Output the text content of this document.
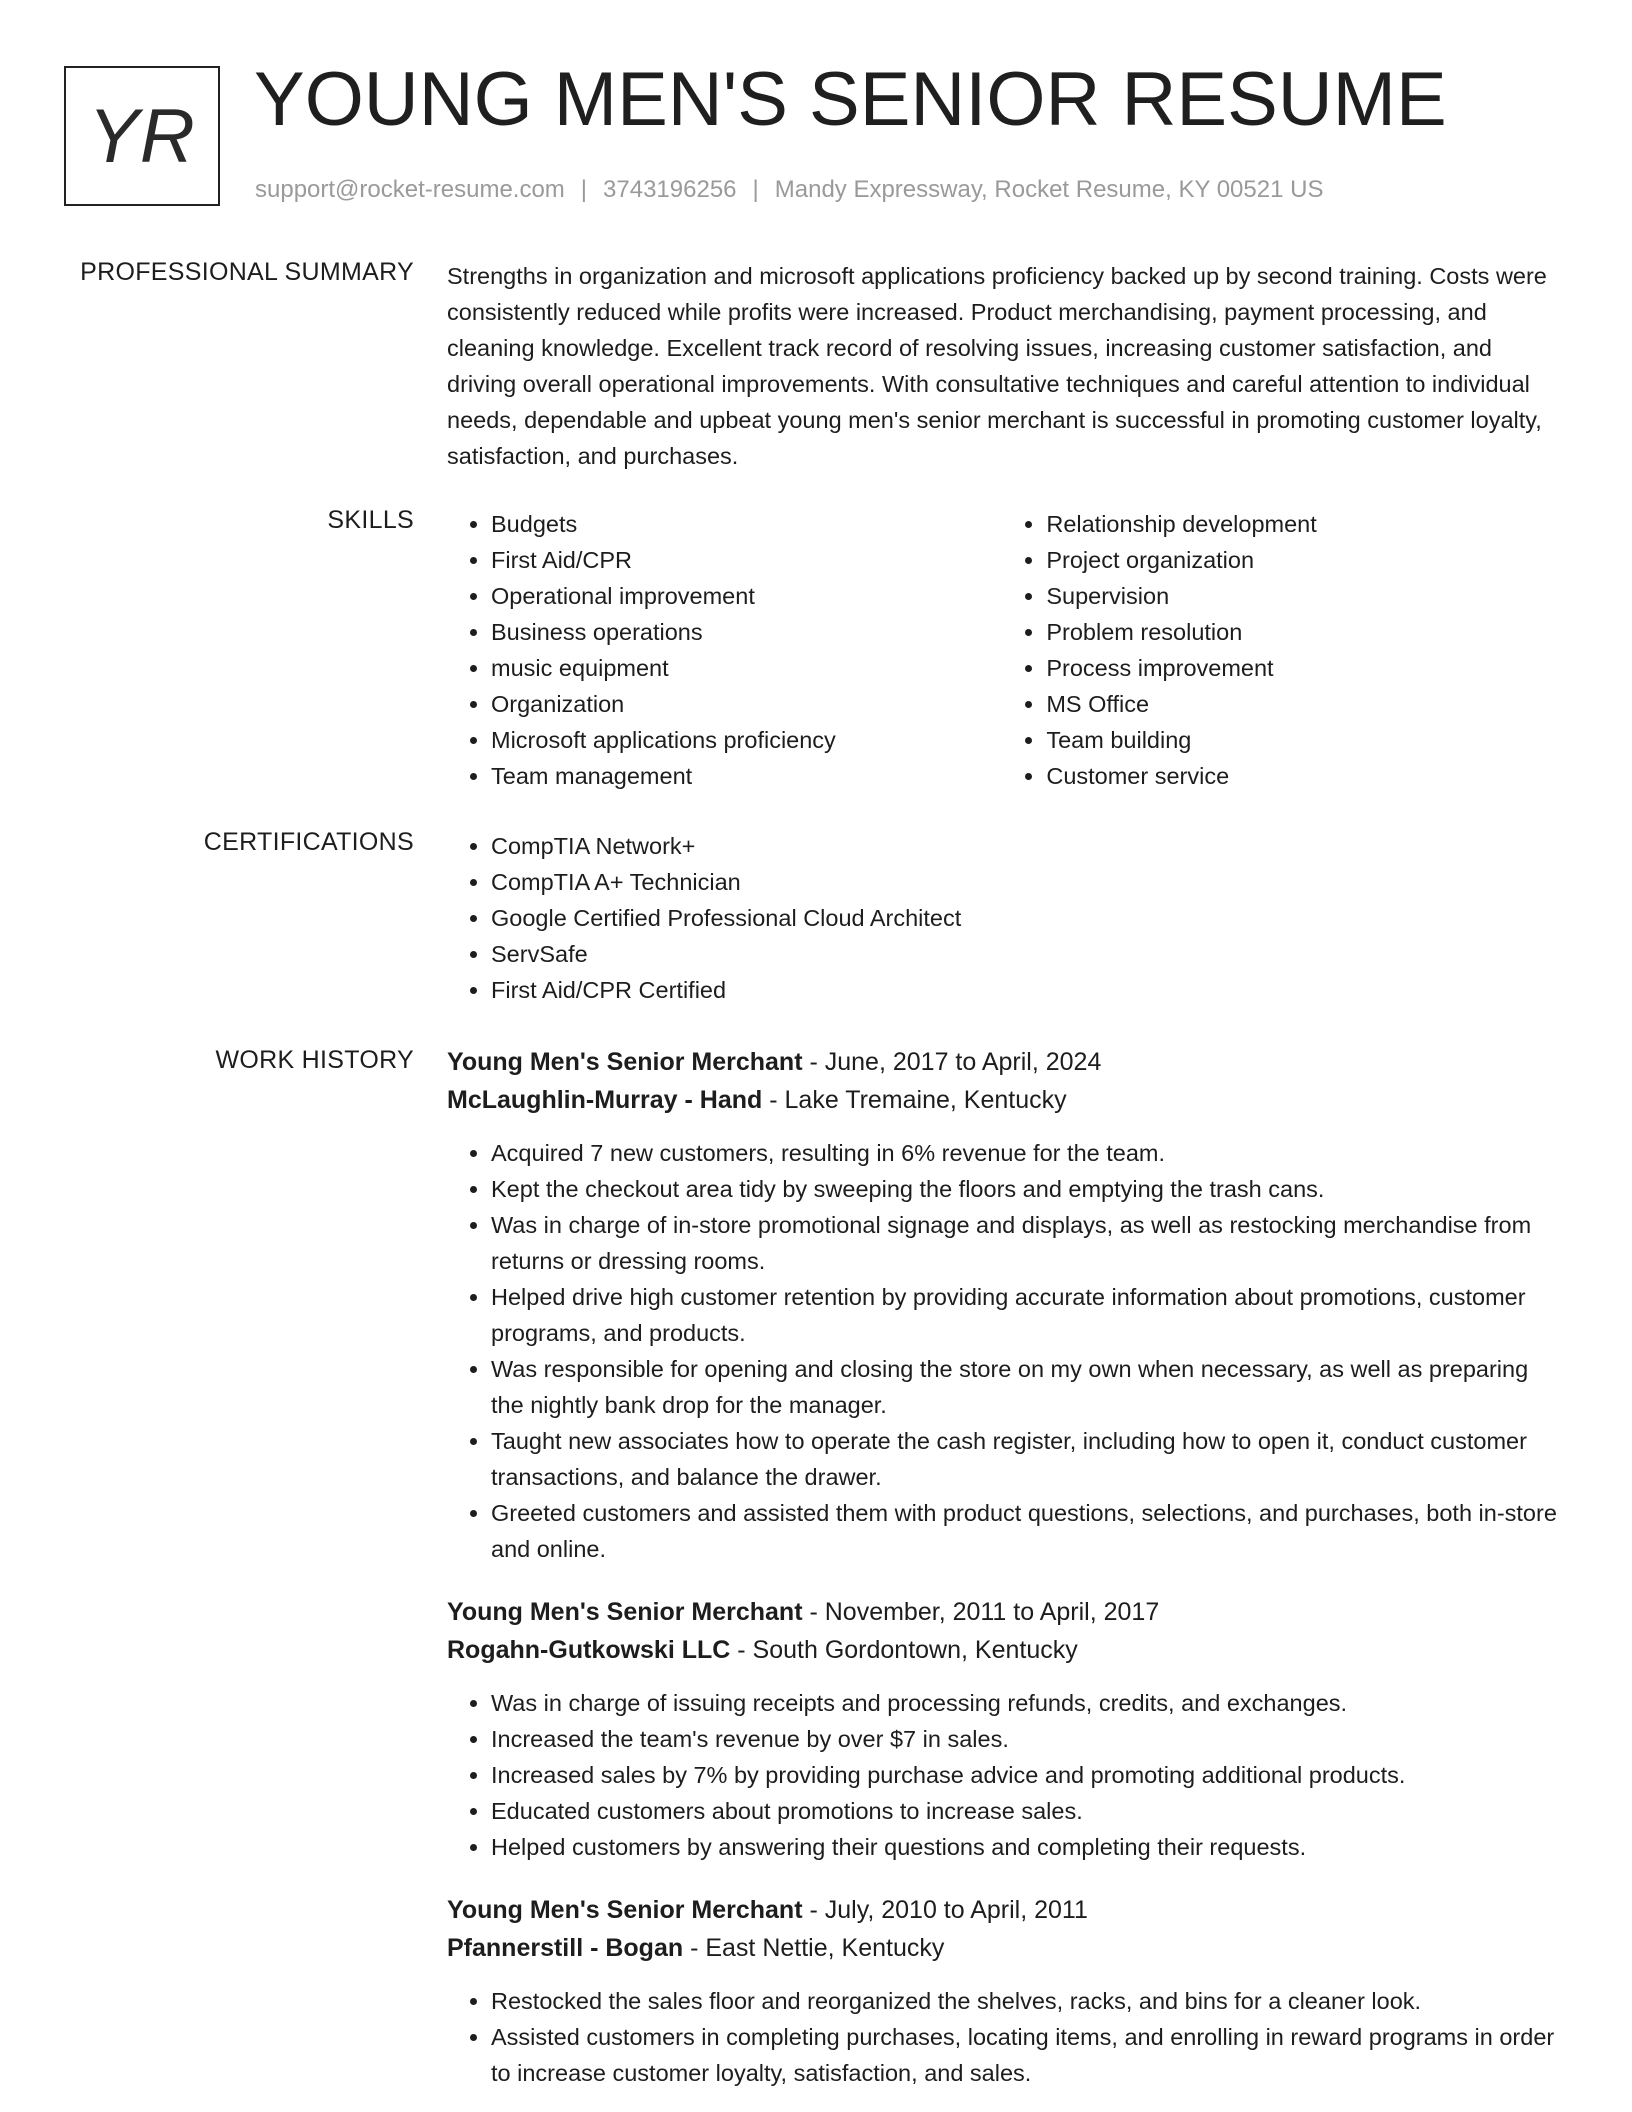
YR YOUNG MEN'S SENIOR RESUME
support@rocket-resume.com | 3743196256 | Mandy Expressway, Rocket Resume, KY 00521 US
PROFESSIONAL SUMMARY Strengths in organization and microsoft applications proficiency backed up by second training. Costs were consistently reduced while profits were increased. Product merchandising, payment processing, and cleaning knowledge. Excellent track record of resolving issues, increasing customer satisfaction, and driving overall operational improvements. With consultative techniques and careful attention to individual needs, dependable and upbeat young men's senior merchant is successful in promoting customer loyalty, satisfaction, and purchases.

SKILLS	• Budgets
• First Aid/CPR
• Operational improvement
• Business operations
• music equipment
• Organization
• Microsoft applications proficiency
• Team management
• Relationship development
• Project organization
• Supervision
• Problem resolution
• Process improvement
• MS Office
• Team building
• Customer service
CERTIFICATIONS	• CompTIA Network+
• CompTIA A+ Technician
• Google Certified Professional Cloud Architect
• ServSafe
• First Aid/CPR Certified
WORK HISTORY Young Men's Senior Merchant - June, 2017 to April, 2024
McLaughlin-Murray - Hand - Lake Tremaine, Kentucky
• Acquired 7 new customers, resulting in 6% revenue for the team.
• Kept the checkout area tidy by sweeping the floors and emptying the trash cans.
• Was in charge of in-store promotional signage and displays, as well as restocking merchandise from returns or dressing rooms.
• Helped drive high customer retention by providing accurate information about promotions, customer programs, and products.
• Was responsible for opening and closing the store on my own when necessary, as well as preparing the nightly bank drop for the manager.
• Taught new associates how to operate the cash register, including how to open it, conduct customer transactions, and balance the drawer.
• Greeted customers and assisted them with product questions, selections, and purchases, both in-store and online.
Young Men's Senior Merchant - November, 2011 to April, 2017
Rogahn-Gutkowski LLC - South Gordontown, Kentucky
• Was in charge of issuing receipts and processing refunds, credits, and exchanges.
• Increased the team's revenue by over $7 in sales.
• Increased sales by 7% by providing purchase advice and promoting additional products.
• Educated customers about promotions to increase sales.
• Helped customers by answering their questions and completing their requests.
Young Men's Senior Merchant - July, 2010 to April, 2011
Pfannerstill - Bogan - East Nettie, Kentucky
• Restocked the sales floor and reorganized the shelves, racks, and bins for a cleaner look.
• Assisted customers in completing purchases, locating items, and enrolling in reward programs in order to increase customer loyalty, satisfaction, and sales.
